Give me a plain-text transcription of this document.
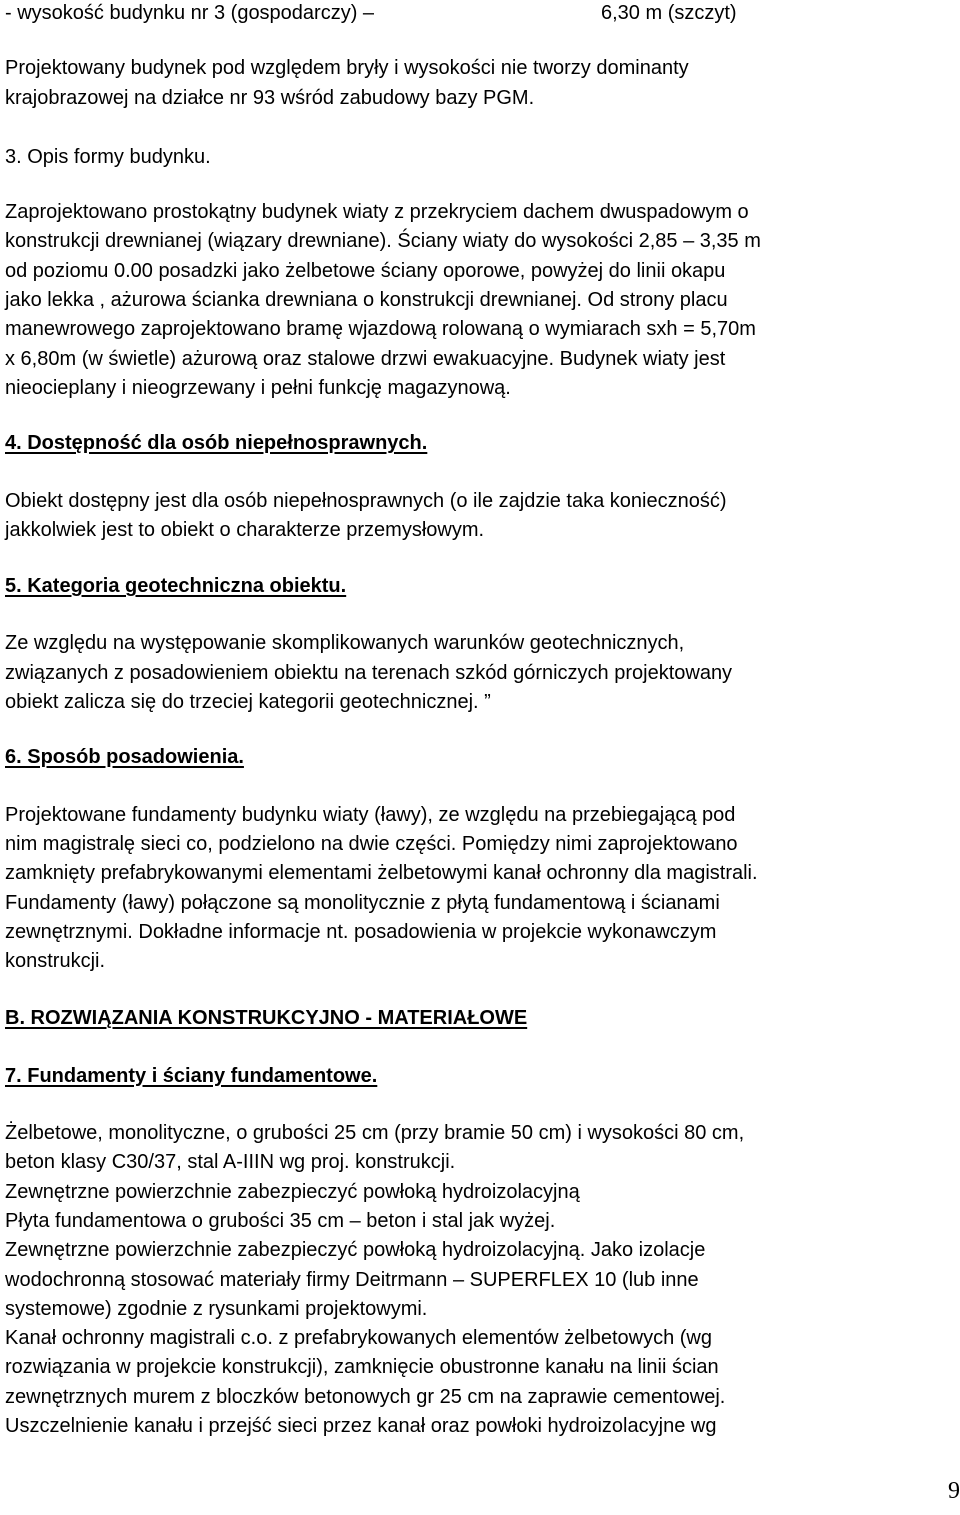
- wysokość budynku nr 3 (gospodarczy) –	6,30 m (szczyt)
Projektowany budynek pod względem bryły i wysokości nie tworzy dominanty
krajobrazowej na działce nr 93 wśród zabudowy bazy PGM.
3. Opis formy budynku.
Zaprojektowano prostokątny budynek wiaty z przekryciem dachem dwuspadowym o
konstrukcji drewnianej (wiązary drewniane). Ściany wiaty do wysokości 2,85 – 3,35 m
od poziomu 0.00 posadzki jako żelbetowe ściany oporowe, powyżej do linii okapu
jako lekka , ażurowa ścianka drewniana o konstrukcji drewnianej. Od strony placu
manewrowego zaprojektowano bramę wjazdową rolowaną o wymiarach sxh = 5,70m
x 6,80m (w świetle) ażurową oraz stalowe drzwi ewakuacyjne. Budynek wiaty jest
nieocieplany i nieogrzewany i pełni funkcję magazynową.
4. Dostępność dla osób niepełnosprawnych.
Obiekt dostępny jest dla osób niepełnosprawnych (o ile zajdzie taka konieczność)
jakkolwiek jest to obiekt o charakterze przemysłowym.
5. Kategoria geotechniczna obiektu.
Ze względu na występowanie skomplikowanych warunków geotechnicznych,
związanych z posadowieniem obiektu na terenach szkód górniczych projektowany
obiekt zalicza się do trzeciej kategorii geotechnicznej. ”
6. Sposób posadowienia.
Projektowane fundamenty budynku wiaty (ławy), ze względu na przebiegającą pod
nim magistralę sieci co, podzielono na dwie części. Pomiędzy nimi zaprojektowano
zamknięty prefabrykowanymi elementami żelbetowymi kanał ochronny dla magistrali.
Fundamenty (ławy) połączone są monolitycznie z płytą fundamentową i ścianami
zewnętrznymi. Dokładne informacje nt. posadowienia w projekcie wykonawczym
konstrukcji.
B. ROZWIĄZANIA KONSTRUKCYJNO - MATERIAŁOWE
7. Fundamenty i ściany fundamentowe.
Żelbetowe, monolityczne, o grubości 25 cm (przy bramie 50 cm) i wysokości 80 cm,
beton klasy C30/37, stal A-IIIN wg proj. konstrukcji.
Zewnętrzne powierzchnie zabezpieczyć powłoką hydroizolacyjną
Płyta fundamentowa o grubości 35 cm – beton i stal jak wyżej.
Zewnętrzne powierzchnie zabezpieczyć powłoką hydroizolacyjną. Jako izolacje
wodochronną stosować materiały firmy Deitrmann – SUPERFLEX 10 (lub inne
systemowe) zgodnie z rysunkami projektowymi.
Kanał ochronny magistrali c.o. z prefabrykowanych elementów żelbetowych (wg
rozwiązania w projekcie konstrukcji), zamknięcie obustronne kanału na linii ścian
zewnętrznych murem z bloczków betonowych gr 25 cm na zaprawie cementowej.
Uszczelnienie kanału i przejść sieci przez kanał oraz powłoki hydroizolacyjne wg
9
